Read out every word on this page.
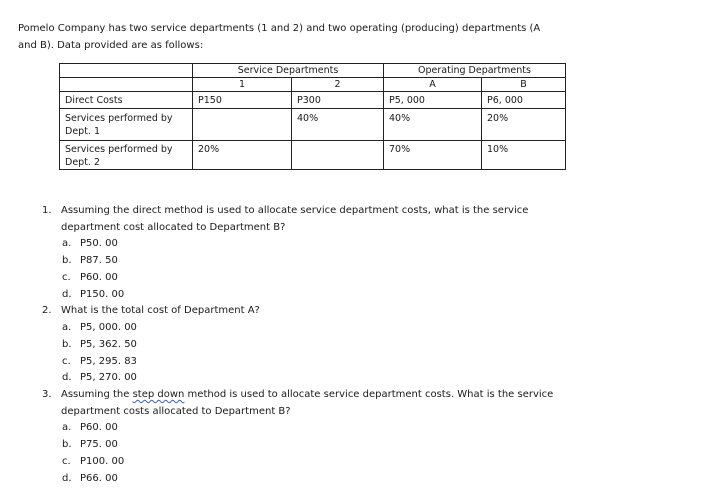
Pomelo Company has two service departments (1 and 2) and two operating (producing) departments (A
and B). Data provided are as follows:
	Service Departments		Operating Departments	
	1	2	A	B
Direct Costs	P150	P300	P5, 000	P6, 000

Services performed by
Dept. 1		40%	40%	20%

Services performed by
Dept. 2	20%		70%	10%
1. Assuming the direct method is used to allocate service department costs, what is the service
department cost allocated to Department B?
a. P50. 00
b. P87. 50
c. P60. 00
d. P150. 00
2. What is the total cost of Department A?
a. P5, 000. 00
b. P5, 362. 50
c. P5, 295. 83
d. P5, 270. 00
3. Assuming the step down method is used to allocate service department costs. What is the service
department costs allocated to Department B?
a. P60. 00
b. P75. 00
c. P100. 00
d. P66. 00
